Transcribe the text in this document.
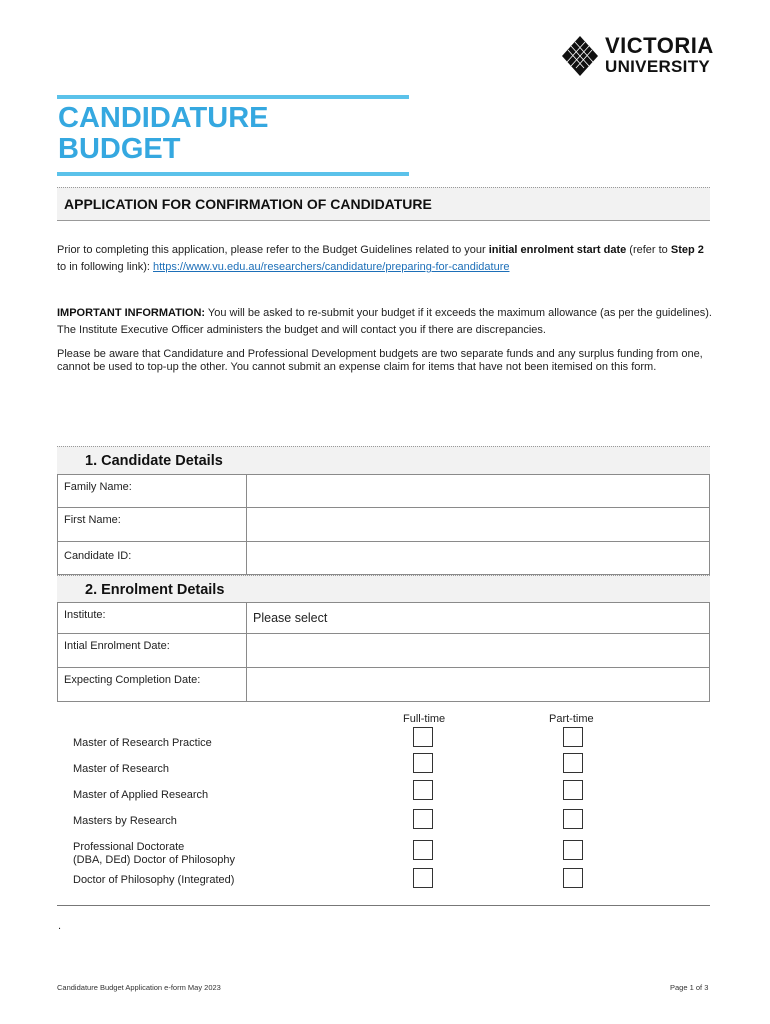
VICTORIA
UNIVERSITY
CANDIDATURE
BUDGET
APPLICATION FOR CONFIRMATION OF CANDIDATURE
Prior to completing this application, please refer to the Budget Guidelines related to your initial enrolment start date (refer to Step 2 to in following link): https://www.vu.edu.au/researchers/candidature/preparing-for-candidature
IMPORTANT INFORMATION: You will be asked to re-submit your budget if it exceeds the maximum allowance (as per the guidelines). The Institute Executive Officer administers the budget and will contact you if there are discrepancies.
Please be aware that Candidature and Professional Development budgets are two separate funds and any surplus funding from one, cannot be used to top-up the other. You cannot submit an expense claim for items that have not been itemised on this form.
1. Candidate Details
Family Name:	
First Name:	
Candidate ID:	
2. Enrolment Details
Institute:	Please select
Intial Enrolment Date:	
Expecting Completion Date:	
Full-time	Part-time
Master of Research Practice
Master of Research
Master of Applied Research
Masters by Research
Professional Doctorate
(DBA, DEd) Doctor of Philosophy
Doctor of Philosophy (Integrated)
.
Candidature Budget Application e-form May 2023	Page 1 of 3
